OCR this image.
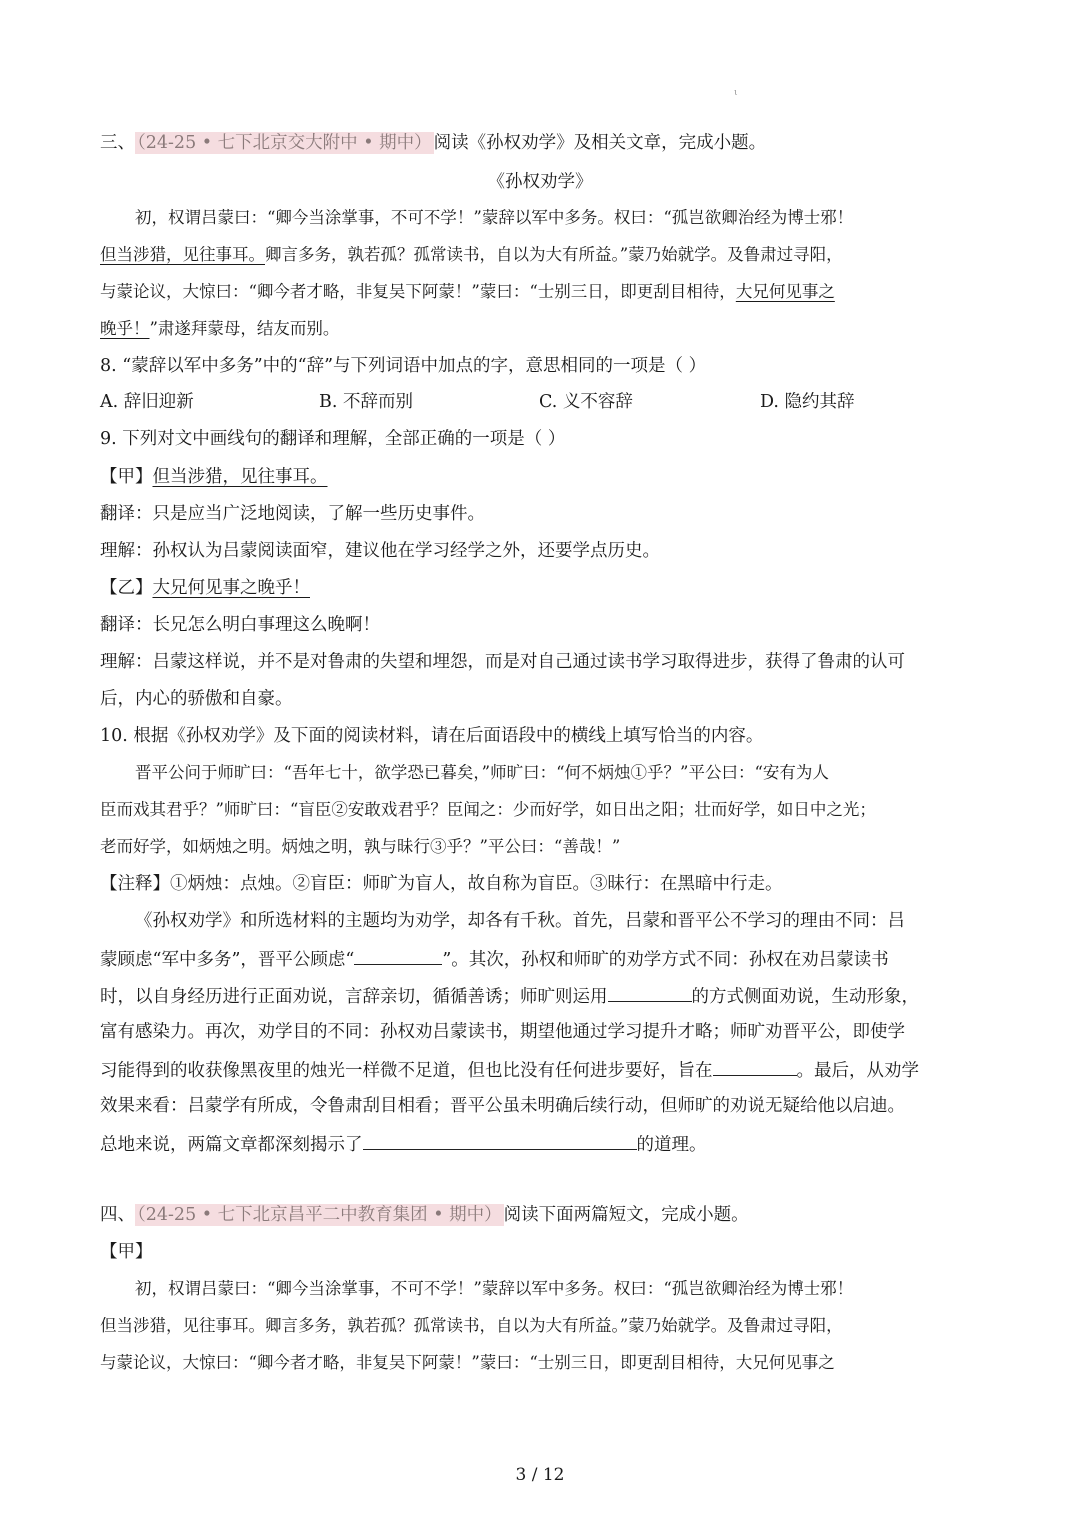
ι
三、 （24-25 • 七下北京交大附中 • 期中） 阅读《孙权劝学》及相关文章，完成小题。
《孙权劝学》
初，权谓吕蒙曰：“卿今当涂掌事，不可不学！”蒙辞以军中多务。权曰：“孤岂欲卿治经为博士邪！
但当涉猎，见往事耳。卿言多务，孰若孤？孤常读书，自以为大有所益。”蒙乃始就学。及鲁肃过寻阳，
与蒙论议，大惊曰：“卿今者才略，非复吴下阿蒙！”蒙曰：“士别三日，即更刮目相待，大兄何见事之
晚乎！”肃遂拜蒙母，结友而别。
8. “蒙辞以军中多务”中的“辞”与下列词语中加点的字，意思相同的一项是（ ）
A. 辞旧迎新	B. 不辞而别	C. 义不容辞	D. 隐约其辞
9. 下列对文中画线句的翻译和理解，全部正确的一项是（ ）
【甲】但当涉猎，见往事耳。
翻译：只是应当广泛地阅读，了解一些历史事件。
理解：孙权认为吕蒙阅读面窄，建议他在学习经学之外，还要学点历史。
【乙】大兄何见事之晚乎！
翻译：长兄怎么明白事理这么晚啊！
理解：吕蒙这样说，并不是对鲁肃的失望和埋怨，而是对自己通过读书学习取得进步，获得了鲁肃的认可
后，内心的骄傲和自豪。
10. 根据《孙权劝学》及下面的阅读材料，请在后面语段中的横线上填写恰当的内容。
晋平公问于师旷曰：“吾年七十，欲学恐已暮矣，”师旷曰：“何不炳烛①乎？”平公曰：“安有为人
臣而戏其君乎？”师旷曰：“盲臣②安敢戏君乎？臣闻之：少而好学，如日出之阳；壮而好学，如日中之光；
老而好学，如炳烛之明。炳烛之明，孰与昧行③乎？”平公曰：“善哉！”
【注释】①炳烛：点烛。②盲臣：师旷为盲人，故自称为盲臣。③昧行：在黑暗中行走。
《孙权劝学》和所选材料的主题均为劝学，却各有千秋。首先，吕蒙和晋平公不学习的理由不同：吕
蒙顾虑“军中多务”，晋平公顾虑“	”。其次，孙权和师旷的劝学方式不同：孙权在劝吕蒙读书
时，以自身经历进行正面劝说，言辞亲切，循循善诱；师旷则运用	的方式侧面劝说，生动形象，
富有感染力。再次，劝学目的不同：孙权劝吕蒙读书，期望他通过学习提升才略；师旷劝晋平公，即使学
习能得到的收获像黑夜里的烛光一样微不足道，但也比没有任何进步要好，旨在	。最后，从劝学
效果来看：吕蒙学有所成，令鲁肃刮目相看；晋平公虽未明确后续行动，但师旷的劝说无疑给他以启迪。
总地来说，两篇文章都深刻揭示了	的道理。
四、 （24-25 • 七下北京昌平二中教育集团 • 期中） 阅读下面两篇短文，完成小题。
【甲】
初，权谓吕蒙曰：“卿今当涂掌事，不可不学！”蒙辞以军中多务。权曰：“孤岂欲卿治经为博士邪！
但当涉猎，见往事耳。卿言多务，孰若孤？孤常读书，自以为大有所益。”蒙乃始就学。及鲁肃过寻阳，
与蒙论议，大惊曰：“卿今者才略，非复吴下阿蒙！”蒙曰：“士别三日，即更刮目相待，大兄何见事之
3 / 12
